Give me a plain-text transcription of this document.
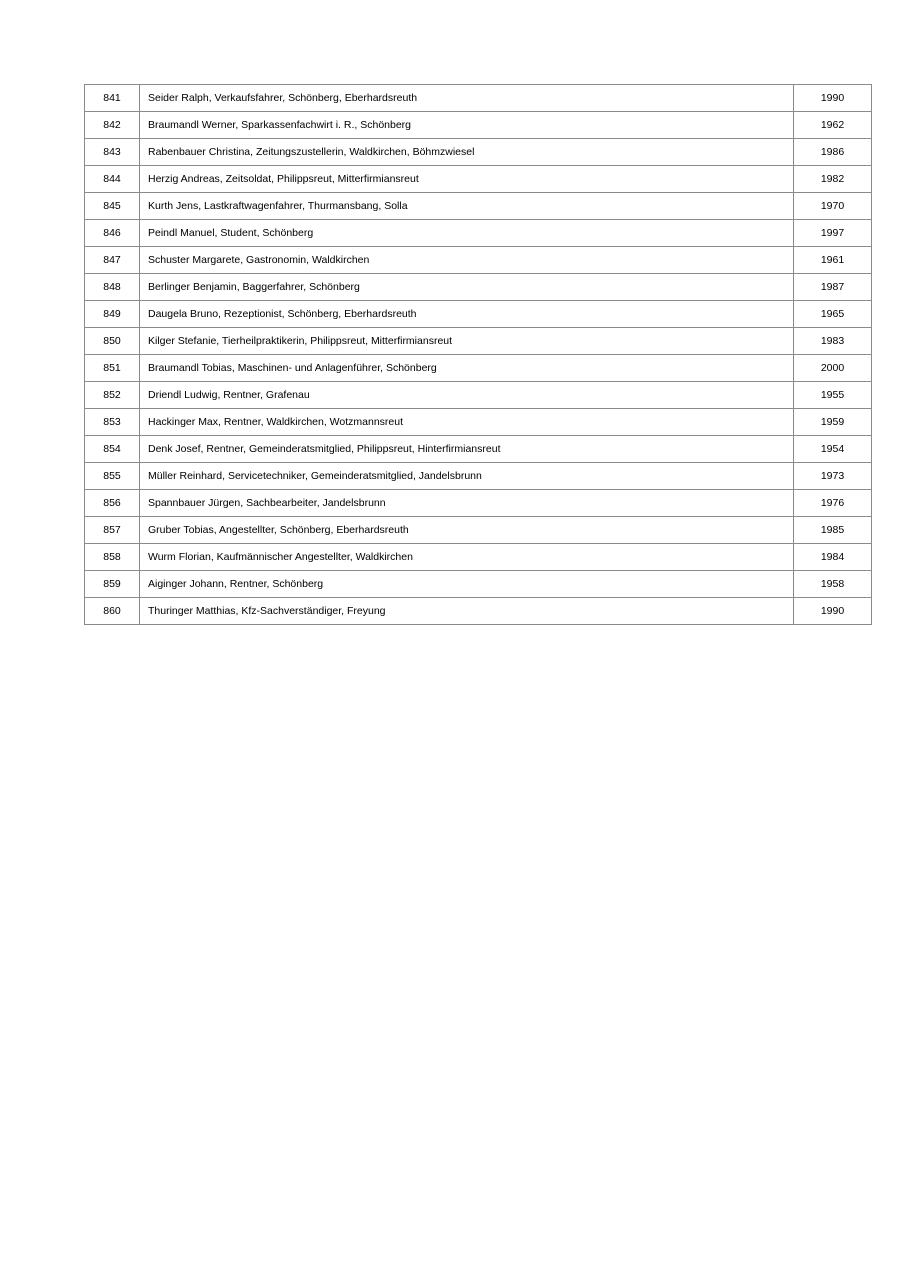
841	Seider Ralph, Verkaufsfahrer, Schönberg, Eberhardsreuth	1990
842	Braumandl Werner, Sparkassenfachwirt i. R., Schönberg	1962
843	Rabenbauer Christina, Zeitungszustellerin, Waldkirchen, Böhmzwiesel	1986
844	Herzig Andreas, Zeitsoldat, Philippsreut, Mitterfirmiansreut	1982
845	Kurth Jens, Lastkraftwagenfahrer, Thurmansbang, Solla	1970
846	Peindl Manuel, Student, Schönberg	1997
847	Schuster Margarete, Gastronomin, Waldkirchen	1961
848	Berlinger Benjamin, Baggerfahrer, Schönberg	1987
849	Daugela Bruno, Rezeptionist, Schönberg, Eberhardsreuth	1965
850	Kilger Stefanie, Tierheilpraktikerin, Philippsreut, Mitterfirmiansreut	1983
851	Braumandl Tobias, Maschinen- und Anlagenführer, Schönberg	2000
852	Driendl Ludwig, Rentner, Grafenau	1955
853	Hackinger Max, Rentner, Waldkirchen, Wotzmannsreut	1959
854	Denk Josef, Rentner, Gemeinderatsmitglied, Philippsreut, Hinterfirmiansreut	1954
855	Müller Reinhard, Servicetechniker, Gemeinderatsmitglied, Jandelsbrunn	1973
856	Spannbauer Jürgen, Sachbearbeiter, Jandelsbrunn	1976
857	Gruber Tobias, Angestellter, Schönberg, Eberhardsreuth	1985
858	Wurm Florian, Kaufmännischer Angestellter, Waldkirchen	1984
859	Aiginger Johann, Rentner, Schönberg	1958
860	Thuringer Matthias, Kfz-Sachverständiger, Freyung	1990
